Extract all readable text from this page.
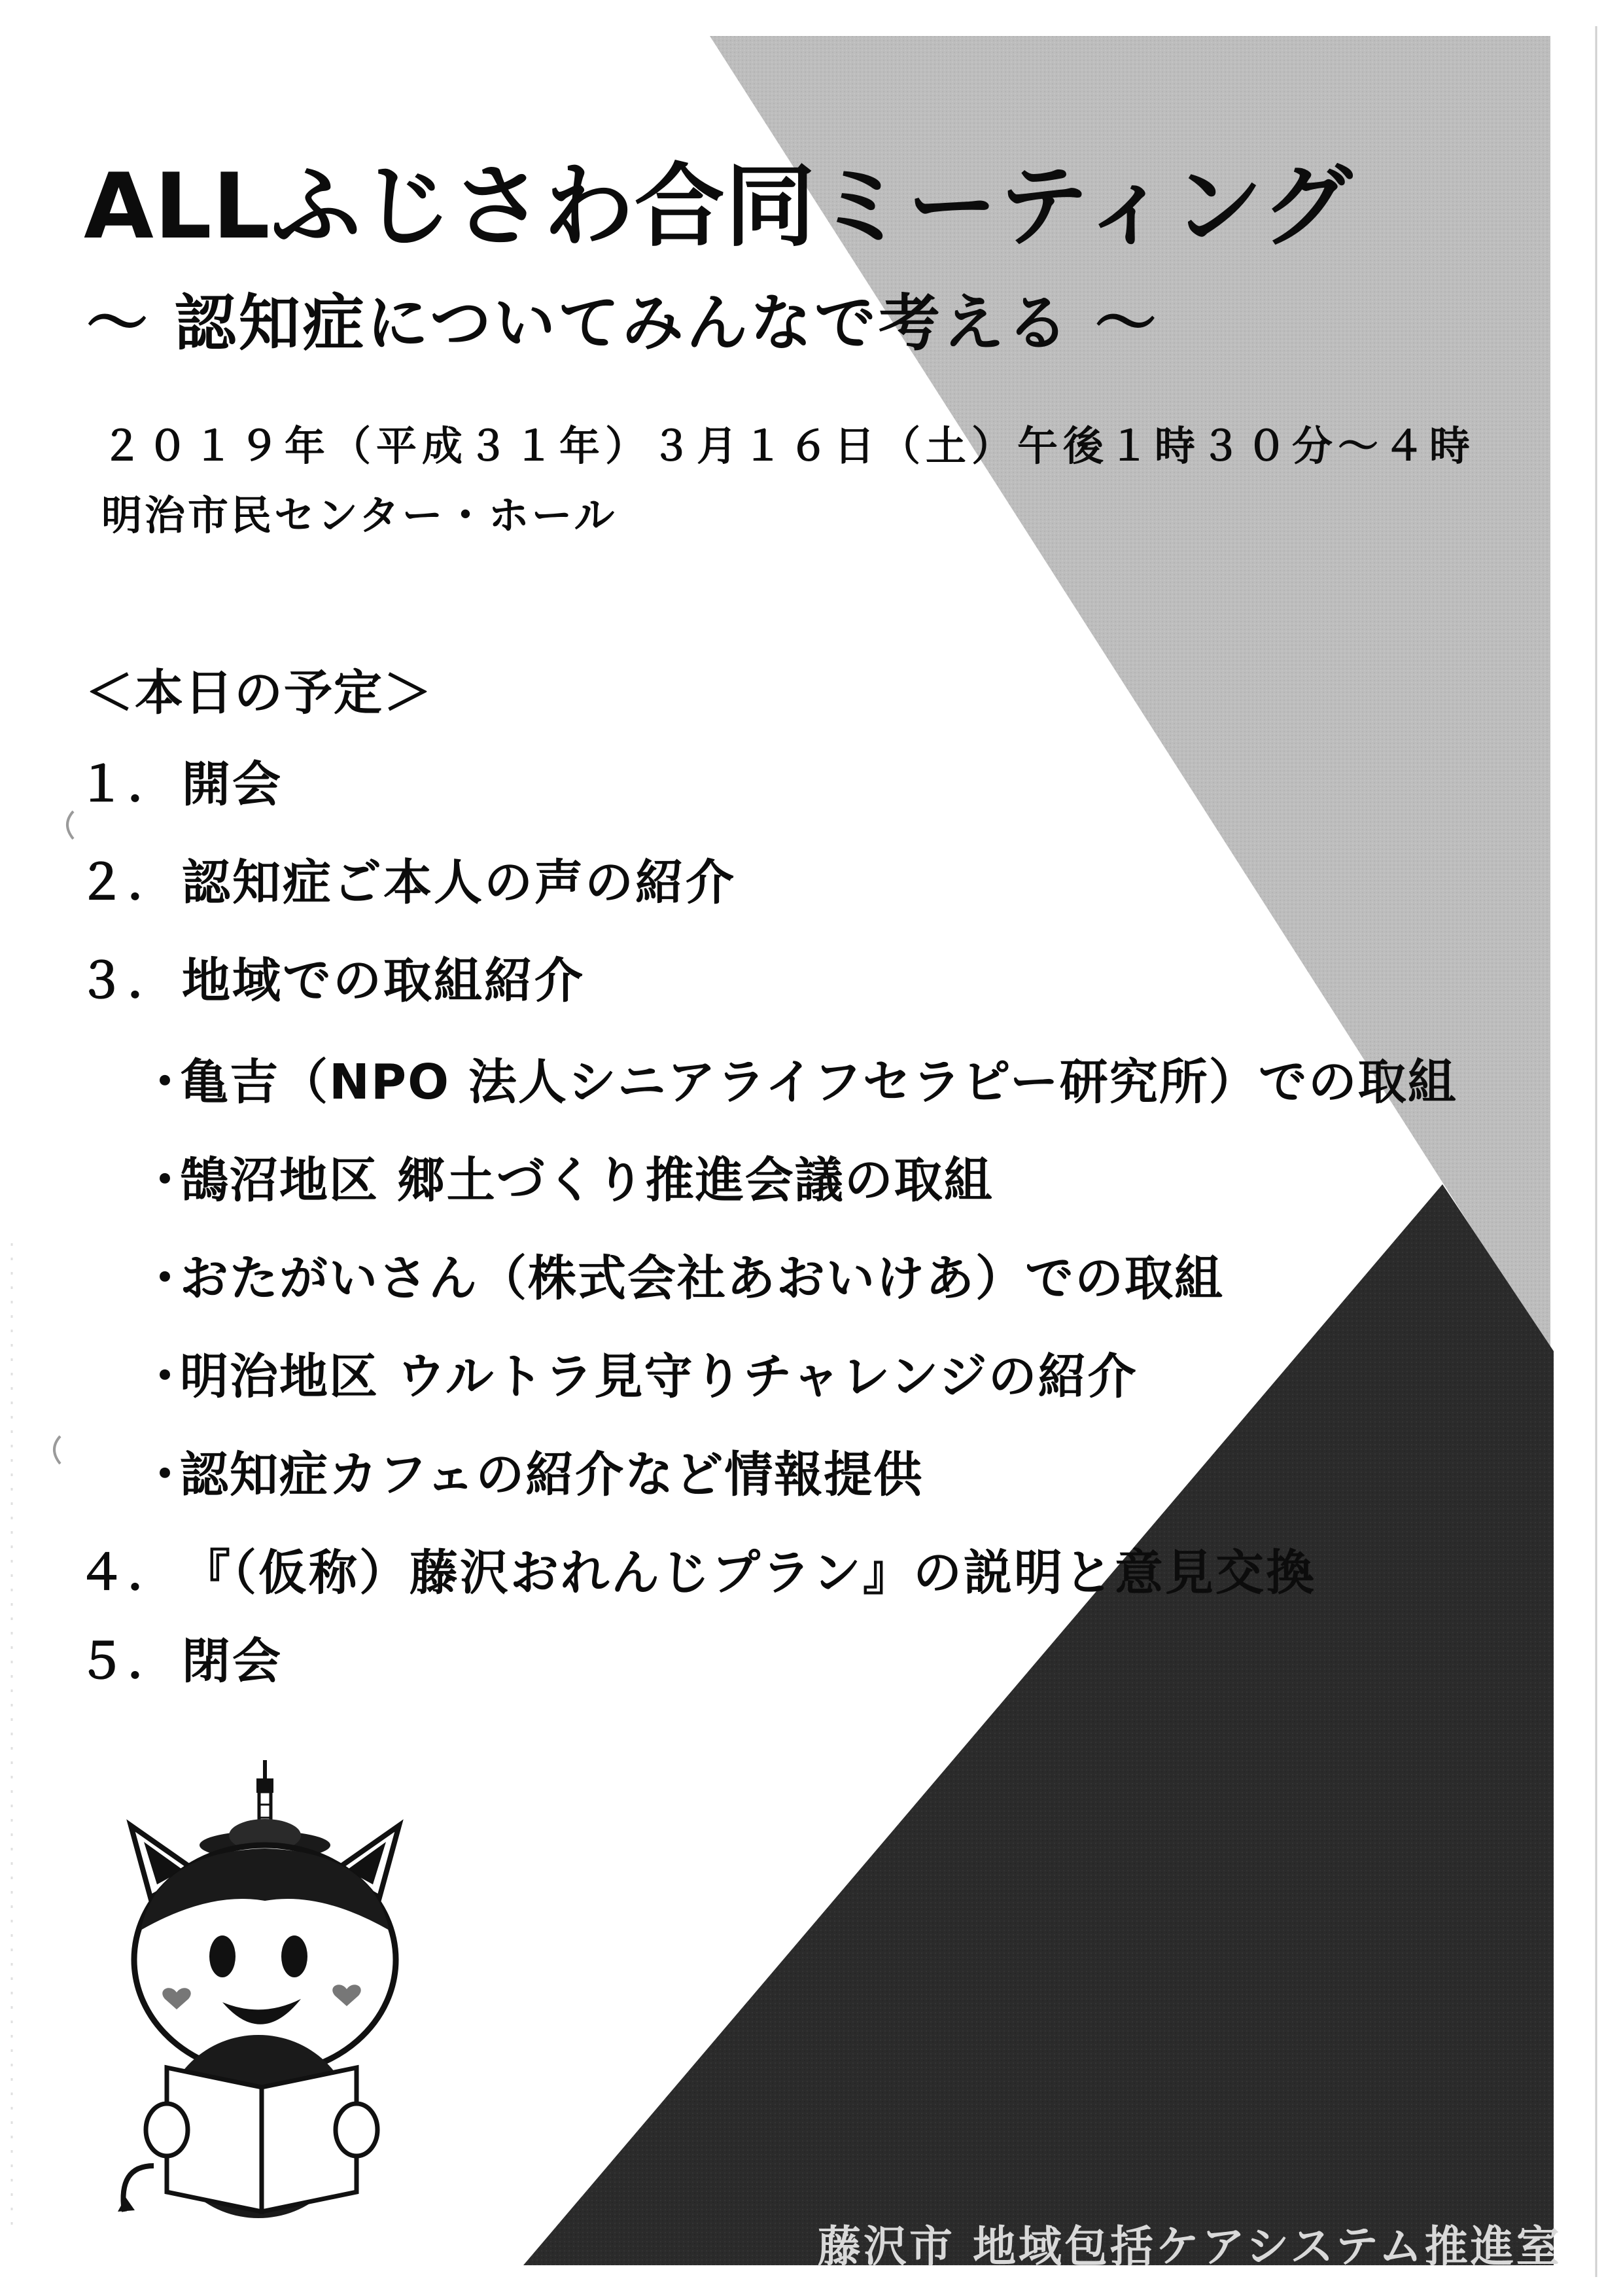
ALLふじさわ合同ミーティング
～ 認知症についてみんなで考える ～
２０１９年（平成３１年）３月１６日（土）午後１時３０分～４時
明治市民センター・ホール
＜本日の予定＞
１．開会
２．認知症ご本人の声の紹介
３．地域での取組紹介
・亀吉（NPO 法人シニアライフセラピー研究所）での取組
・鵠沼地区 郷土づくり推進会議の取組
・おたがいさん（株式会社あおいけあ）での取組
・明治地区 ウルトラ見守りチャレンジの紹介
・認知症カフェの紹介など情報提供
４．『（仮称）藤沢おれんじプラン』の説明と意見交換
５．閉会
藤沢市 地域包括ケアシステム推進室
